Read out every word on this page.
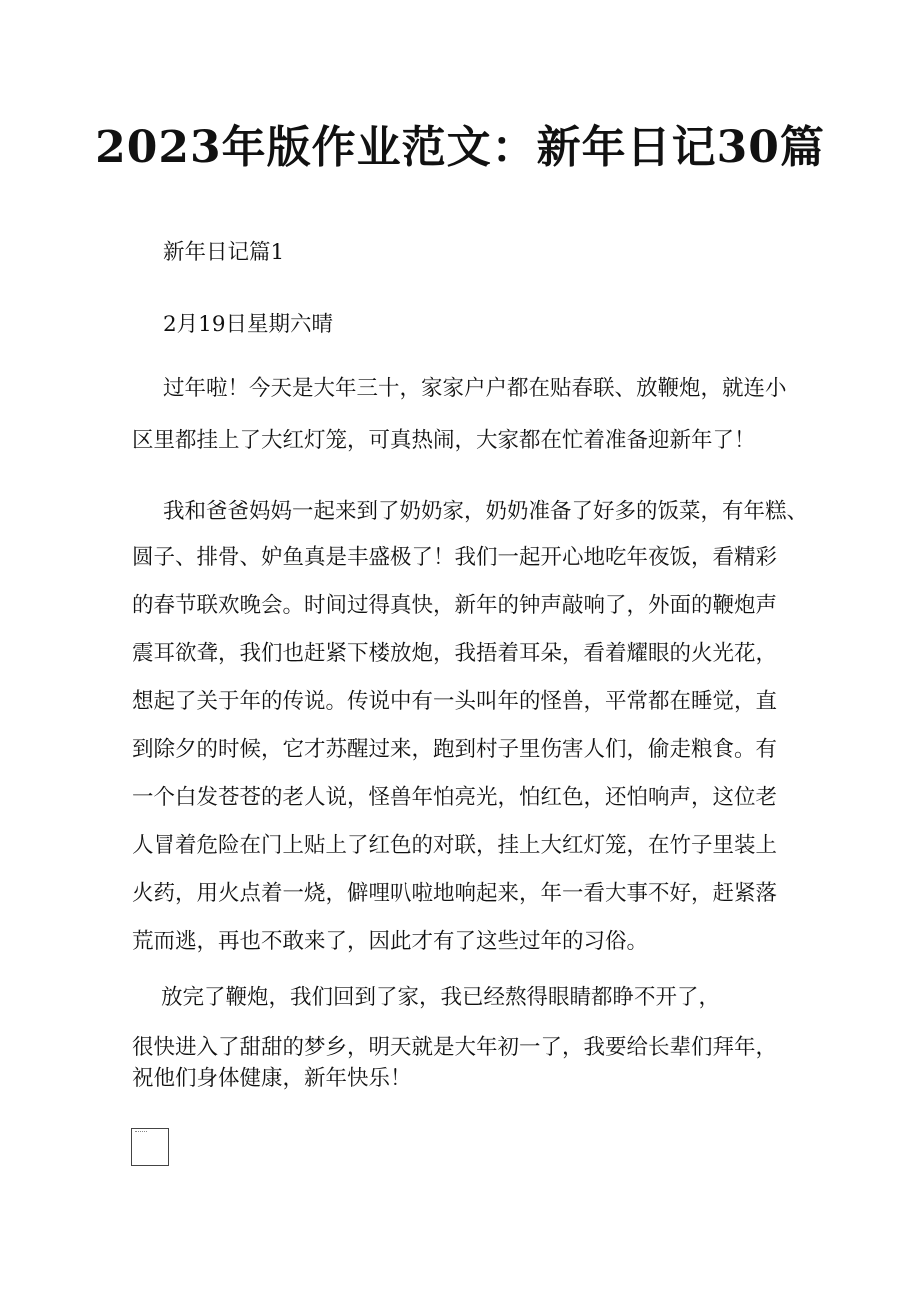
2023年版作业范文：新年日记30篇

新年日记篇1

2月19日星期六晴

过年啦！今天是大年三十，家家户户都在贴春联、放鞭炮，就连小

区里都挂上了大红灯笼，可真热闹，大家都在忙着准备迎新年了！

我和爸爸妈妈一起来到了奶奶家，奶奶准备了好多的饭菜，有年糕、

圆子、排骨、妒鱼真是丰盛极了！我们一起开心地吃年夜饭，看精彩

的春节联欢晚会。时间过得真快，新年的钟声敲响了，外面的鞭炮声

震耳欲聋，我们也赶紧下楼放炮，我捂着耳朵，看着耀眼的火光花，

想起了关于年的传说。传说中有一头叫年的怪兽，平常都在睡觉，直

到除夕的时候，它才苏醒过来，跑到村子里伤害人们，偷走粮食。有

一个白发苍苍的老人说，怪兽年怕亮光，怕红色，还怕响声，这位老

人冒着危险在门上贴上了红色的对联，挂上大红灯笼，在竹子里装上

火药，用火点着一烧，僻哩叭啦地响起来，年一看大事不好，赶紧落

荒而逃，再也不敢来了，因此才有了这些过年的习俗。

放完了鞭炮，我们回到了家，我已经熬得眼睛都睁不开了，

很快进入了甜甜的梦乡，明天就是大年初一了，我要给长辈们拜年，

祝他们身体健康，新年快乐！
